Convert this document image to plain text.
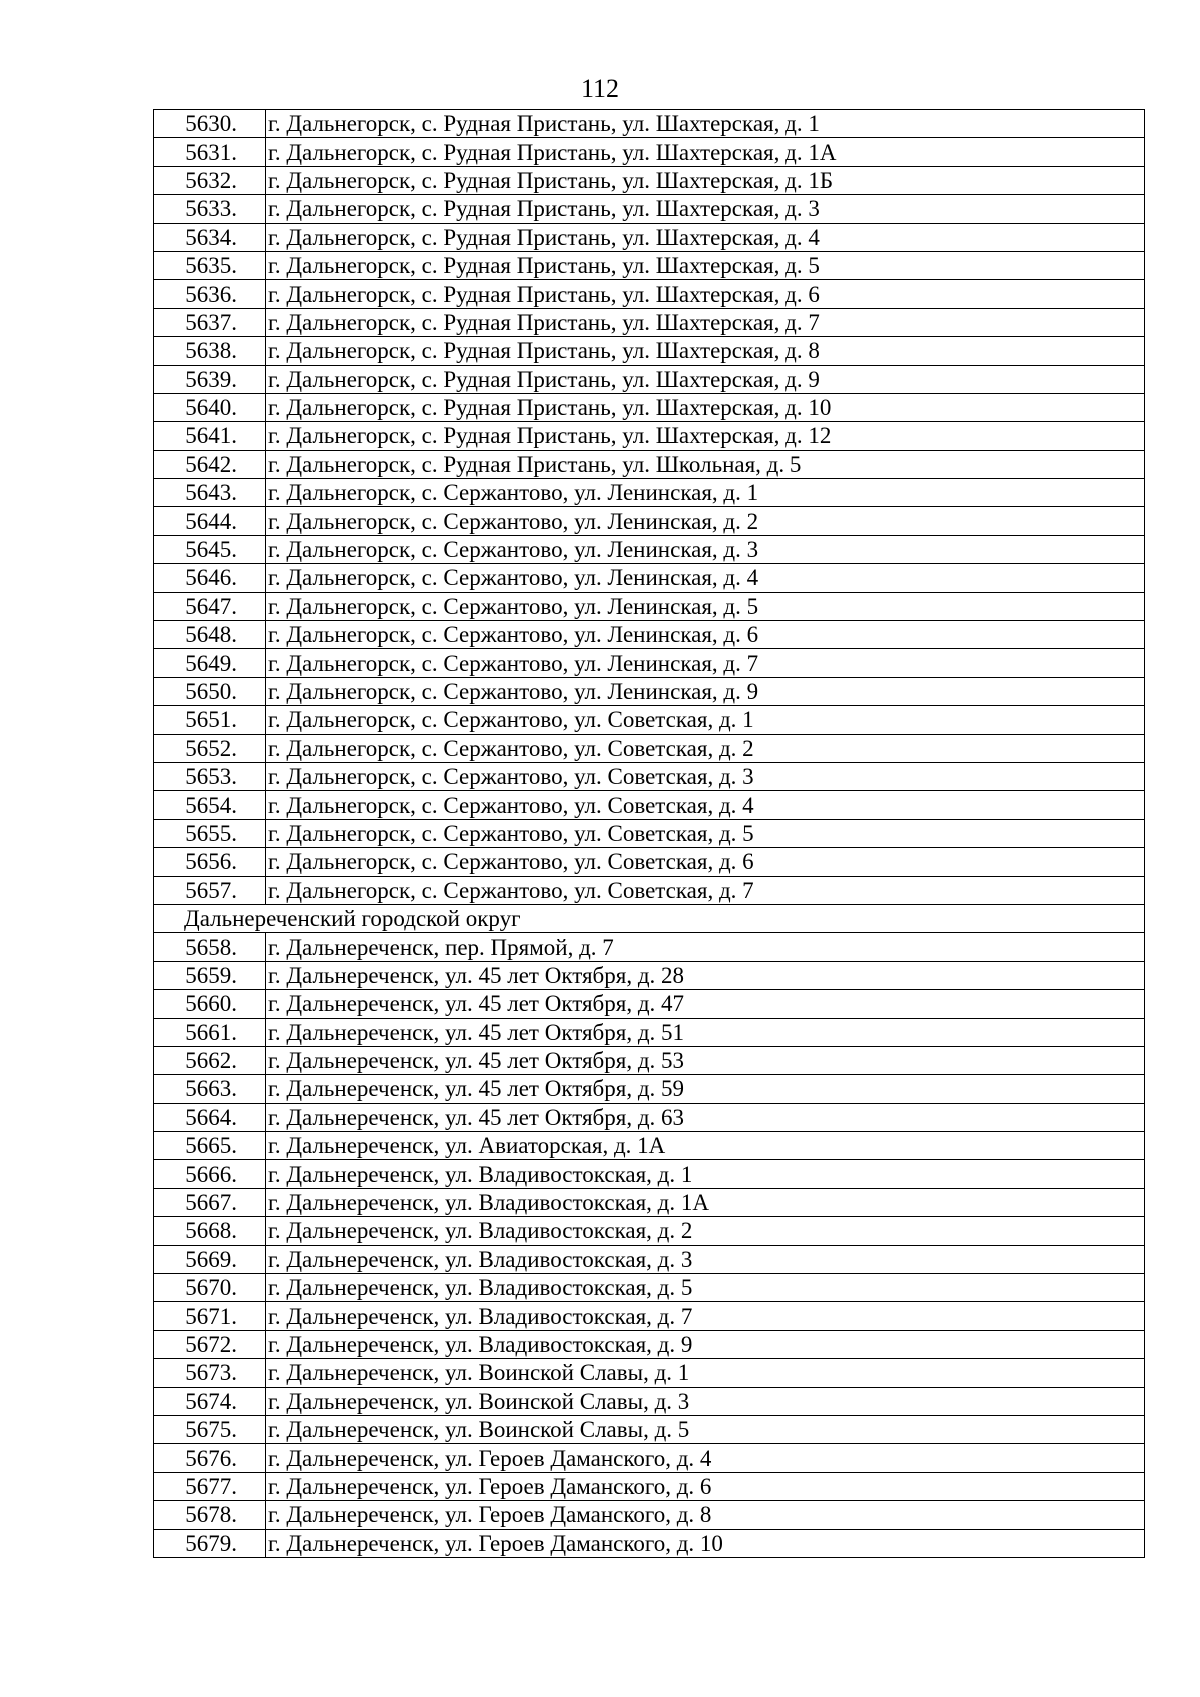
112
5630.	г. Дальнегорск, с. Рудная Пристань, ул. Шахтерская, д. 1
5631.	г. Дальнегорск, с. Рудная Пристань, ул. Шахтерская, д. 1А
5632.	г. Дальнегорск, с. Рудная Пристань, ул. Шахтерская, д. 1Б
5633.	г. Дальнегорск, с. Рудная Пристань, ул. Шахтерская, д. 3
5634.	г. Дальнегорск, с. Рудная Пристань, ул. Шахтерская, д. 4
5635.	г. Дальнегорск, с. Рудная Пристань, ул. Шахтерская, д. 5
5636.	г. Дальнегорск, с. Рудная Пристань, ул. Шахтерская, д. 6
5637.	г. Дальнегорск, с. Рудная Пристань, ул. Шахтерская, д. 7
5638.	г. Дальнегорск, с. Рудная Пристань, ул. Шахтерская, д. 8
5639.	г. Дальнегорск, с. Рудная Пристань, ул. Шахтерская, д. 9
5640.	г. Дальнегорск, с. Рудная Пристань, ул. Шахтерская, д. 10
5641.	г. Дальнегорск, с. Рудная Пристань, ул. Шахтерская, д. 12
5642.	г. Дальнегорск, с. Рудная Пристань, ул. Школьная, д. 5
5643.	г. Дальнегорск, с. Сержантово, ул. Ленинская, д. 1
5644.	г. Дальнегорск, с. Сержантово, ул. Ленинская, д. 2
5645.	г. Дальнегорск, с. Сержантово, ул. Ленинская, д. 3
5646.	г. Дальнегорск, с. Сержантово, ул. Ленинская, д. 4
5647.	г. Дальнегорск, с. Сержантово, ул. Ленинская, д. 5
5648.	г. Дальнегорск, с. Сержантово, ул. Ленинская, д. 6
5649.	г. Дальнегорск, с. Сержантово, ул. Ленинская, д. 7
5650.	г. Дальнегорск, с. Сержантово, ул. Ленинская, д. 9
5651.	г. Дальнегорск, с. Сержантово, ул. Советская, д. 1
5652.	г. Дальнегорск, с. Сержантово, ул. Советская, д. 2
5653.	г. Дальнегорск, с. Сержантово, ул. Советская, д. 3
5654.	г. Дальнегорск, с. Сержантово, ул. Советская, д. 4
5655.	г. Дальнегорск, с. Сержантово, ул. Советская, д. 5
5656.	г. Дальнегорск, с. Сержантово, ул. Советская, д. 6
5657.	г. Дальнегорск, с. Сержантово, ул. Советская, д. 7
Дальнереченский городской округ	
5658.	г. Дальнереченск, пер. Прямой, д. 7
5659.	г. Дальнереченск, ул. 45 лет Октября, д. 28
5660.	г. Дальнереченск, ул. 45 лет Октября, д. 47
5661.	г. Дальнереченск, ул. 45 лет Октября, д. 51
5662.	г. Дальнереченск, ул. 45 лет Октября, д. 53
5663.	г. Дальнереченск, ул. 45 лет Октября, д. 59
5664.	г. Дальнереченск, ул. 45 лет Октября, д. 63
5665.	г. Дальнереченск, ул. Авиаторская, д. 1А
5666.	г. Дальнереченск, ул. Владивостокская, д. 1
5667.	г. Дальнереченск, ул. Владивостокская, д. 1А
5668.	г. Дальнереченск, ул. Владивостокская, д. 2
5669.	г. Дальнереченск, ул. Владивостокская, д. 3
5670.	г. Дальнереченск, ул. Владивостокская, д. 5
5671.	г. Дальнереченск, ул. Владивостокская, д. 7
5672.	г. Дальнереченск, ул. Владивостокская, д. 9
5673.	г. Дальнереченск, ул. Воинской Славы, д. 1
5674.	г. Дальнереченск, ул. Воинской Славы, д. 3
5675.	г. Дальнереченск, ул. Воинской Славы, д. 5
5676.	г. Дальнереченск, ул. Героев Даманского, д. 4
5677.	г. Дальнереченск, ул. Героев Даманского, д. 6
5678.	г. Дальнереченск, ул. Героев Даманского, д. 8
5679.	г. Дальнереченск, ул. Героев Даманского, д. 10
